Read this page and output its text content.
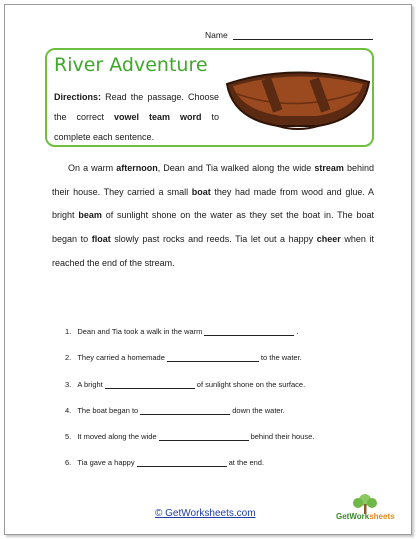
Name
River Adventure
Directions: Read the passage. Choose the correct vowel team word to complete each sentence.
On a warm afternoon, Dean and Tia walked along the wide stream behind their house. They carried a small boat they had made from wood and glue. A bright beam of sunlight shone on the water as they set the boat in. The boat began to float slowly past rocks and reeds. Tia let out a happy cheer when it reached the end of the stream.
1. Dean and Tia took a walk in the warm	.
2. They carried a homemade	to the water.
3. A bright	of sunlight shone on the surface.
4. The boat began to	down the water.
5. It moved along the wide	behind their house.
6. Tia gave a happy	at the end.
© GetWorksheets.com	GetWorksheets
